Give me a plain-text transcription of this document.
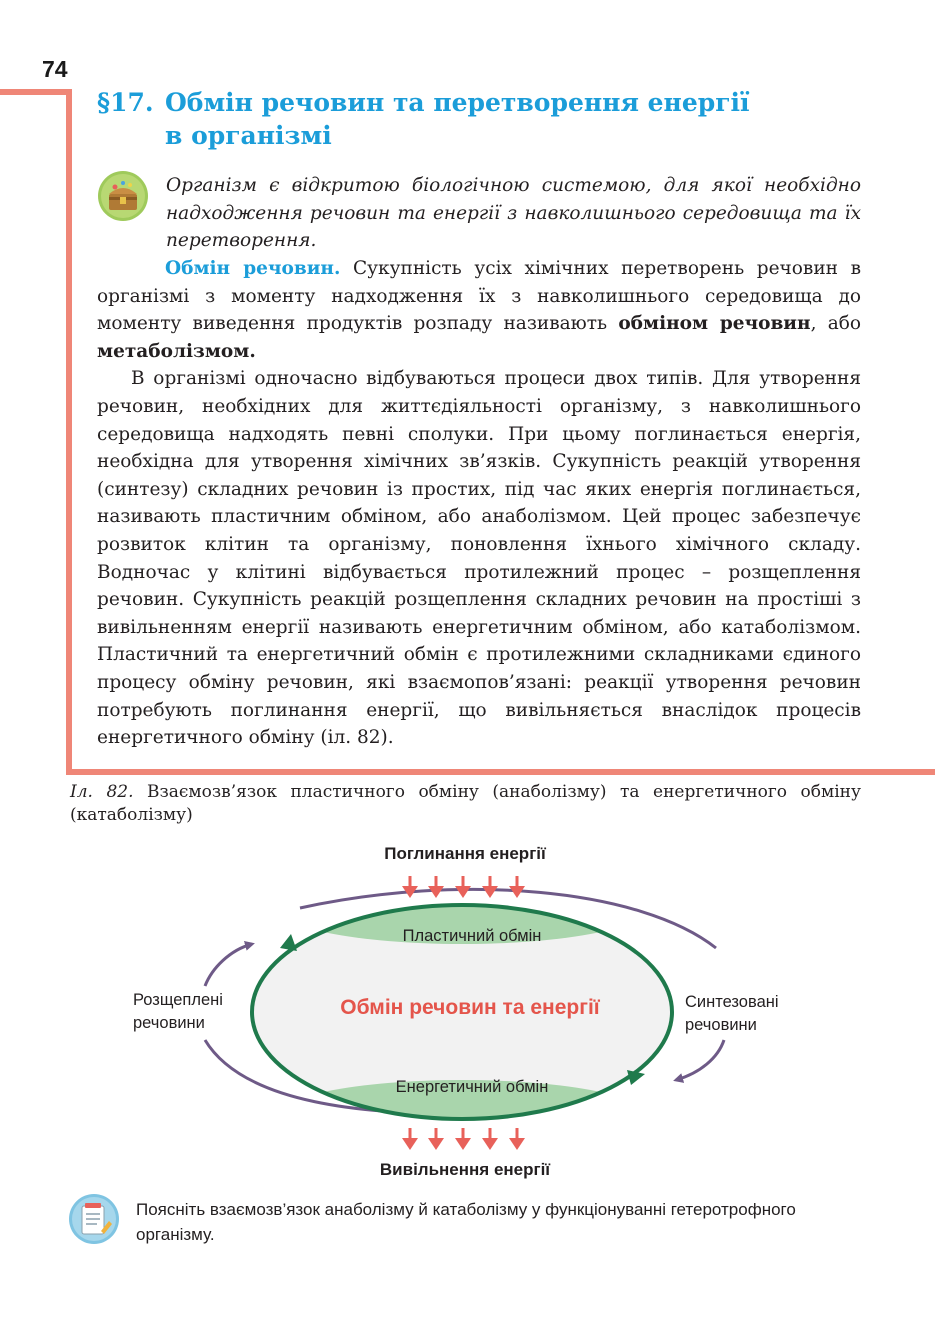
74
§17. Обмін речовин та перетворення енергії
в організмі

Організм є відкритою біологічною системою, для якої необхідно надходження речовин та енергії з навколишнього середовища та їх перетворення.

Обмін речовин. Сукупність усіх хімічних перетворень речовин в організмі з моменту надходження їх з навколишнього середовища до моменту виведення продуктів розпаду називають обміном речовин, або метаболізмом.

В організмі одночасно відбуваються процеси двох типів. Для утворення речовин, необхідних для життєдіяльності організму, з навколишнього середовища надходять певні сполуки. При цьому поглинається енергія, необхідна для утворення хімічних зв’язків. Сукупність реакцій утворення (синтезу) складних речовин із простих, під час яких енергія поглинається, називають пластичним обміном, або анаболізмом. Цей процес забезпечує розвиток клітин та організму, поновлення їхнього хімічного складу. Водночас у клітині відбувається протилежний процес – розщеплення речовин. Сукупність реакцій розщеплення складних речовин на простіші з вивільненням енергії називають енергетичним обміном, або катаболізмом. Пластичний та енергетичний обмін є протилежними складниками єдиного процесу обміну речовин, які взаємопов’язані: реакції утворення речовин потребують поглинання енергії, що вивільняється внаслідок процесів енергетичного обміну (іл. 82).

Іл. 82. Взаємозв’язок пластичного обміну (анаболізму) та енергетичного обміну (катаболізму)

Поглинання енергії
Пластичний обмін
Розщеплені
речовини
Обмін речовин та енергії	Синтезовані
речовини
Енергетичний обмін
Вивільнення енергії

Поясніть взаємозв’язок анаболізму й катаболізму у функціонуванні гетеротрофного організму.
